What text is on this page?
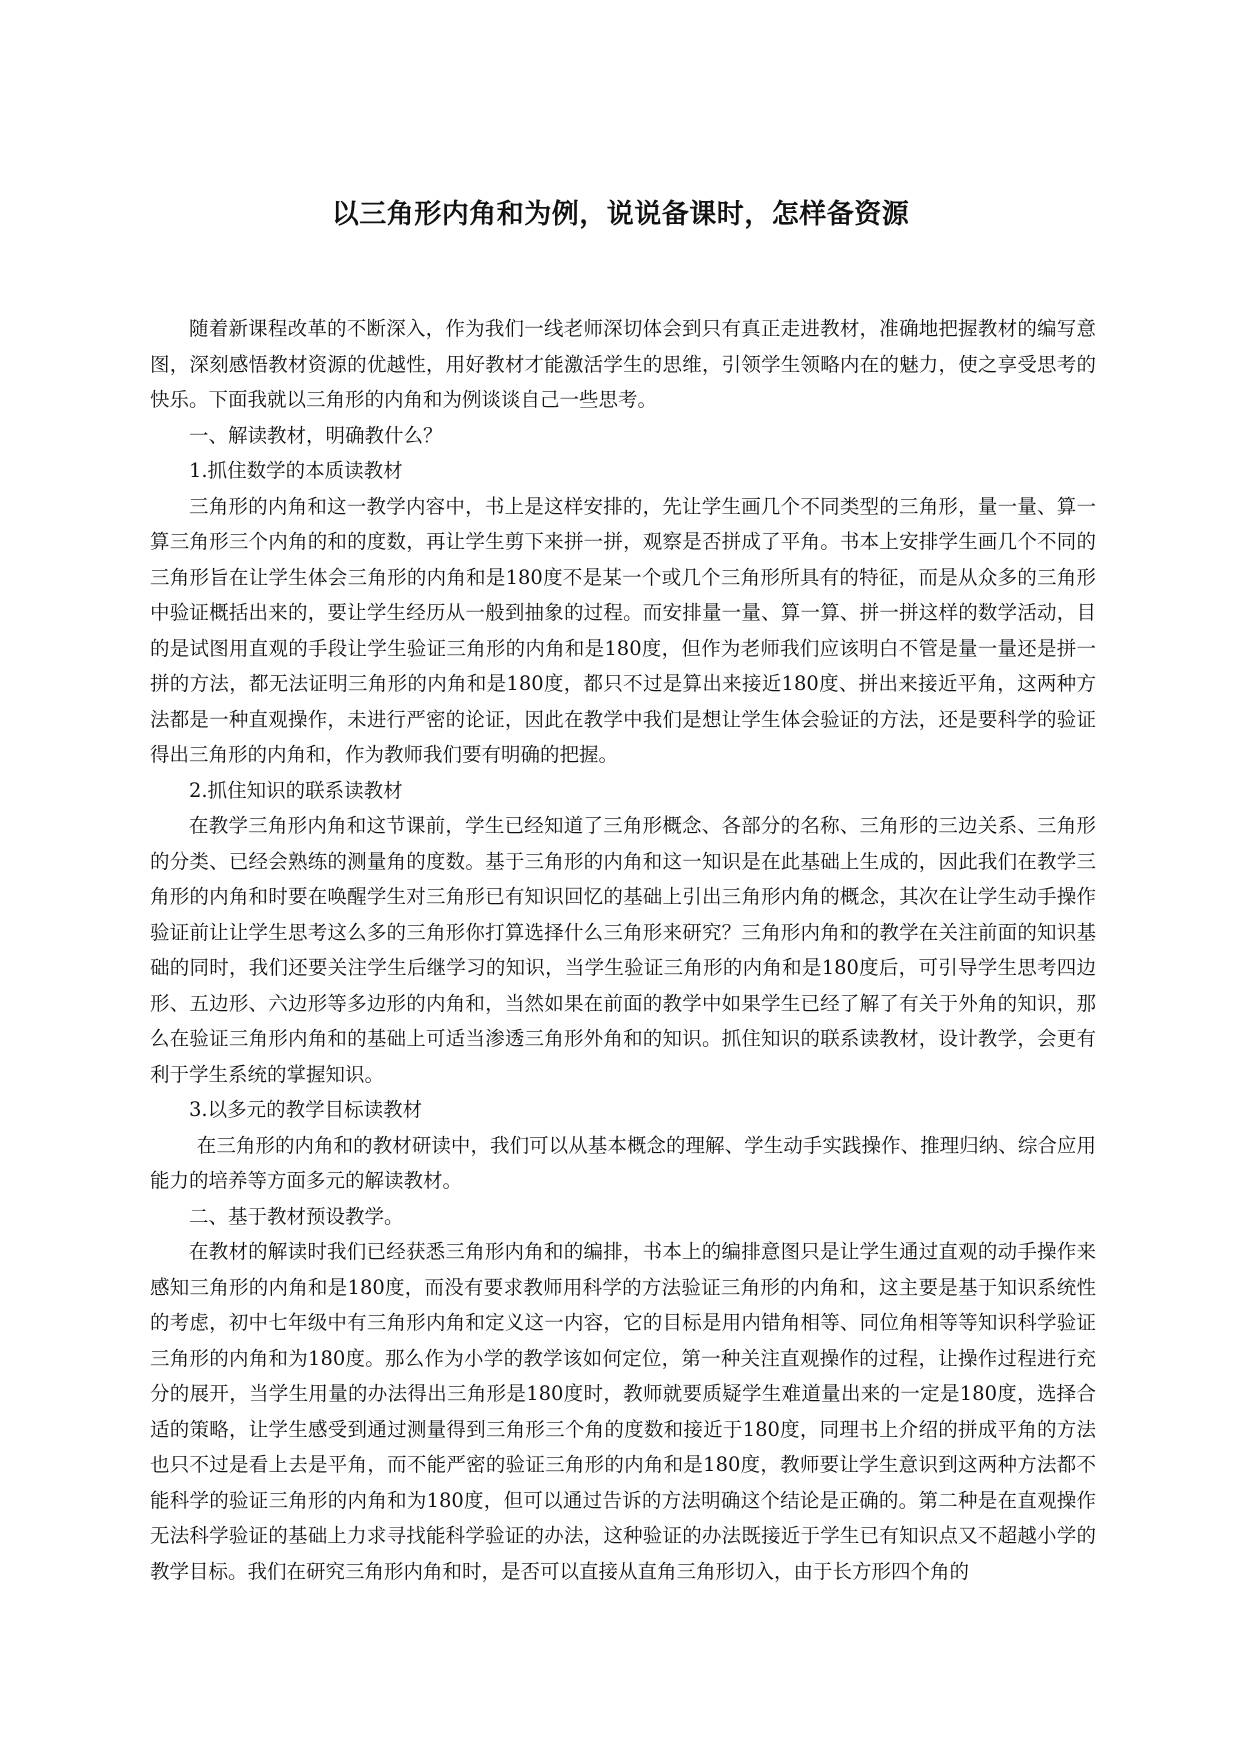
以三角形内角和为例，说说备课时，怎样备资源

随着新课程改革的不断深入，作为我们一线老师深切体会到只有真正走进教材，准确地把握教材的编写意图，深刻感悟教材资源的优越性，用好教材才能激活学生的思维，引领学生领略内在的魅力，使之享受思考的快乐。下面我就以三角形的内角和为例谈谈自己一些思考。

一、解读教材，明确教什么？

1.抓住数学的本质读教材

三角形的内角和这一教学内容中，书上是这样安排的，先让学生画几个不同类型的三角形，量一量、算一算三角形三个内角的和的度数，再让学生剪下来拼一拼，观察是否拼成了平角。书本上安排学生画几个不同的三角形旨在让学生体会三角形的内角和是180度不是某一个或几个三角形所具有的特征，而是从众多的三角形中验证概括出来的，要让学生经历从一般到抽象的过程。而安排量一量、算一算、拼一拼这样的数学活动，目的是试图用直观的手段让学生验证三角形的内角和是180度，但作为老师我们应该明白不管是量一量还是拼一拼的方法，都无法证明三角形的内角和是180度，都只不过是算出来接近180度、拼出来接近平角，这两种方法都是一种直观操作，未进行严密的论证，因此在教学中我们是想让学生体会验证的方法，还是要科学的验证得出三角形的内角和，作为教师我们要有明确的把握。

2.抓住知识的联系读教材

在教学三角形内角和这节课前，学生已经知道了三角形概念、各部分的名称、三角形的三边关系、三角形的分类、已经会熟练的测量角的度数。基于三角形的内角和这一知识是在此基础上生成的，因此我们在教学三角形的内角和时要在唤醒学生对三角形已有知识回忆的基础上引出三角形内角的概念，其次在让学生动手操作验证前让让学生思考这么多的三角形你打算选择什么三角形来研究？三角形内角和的教学在关注前面的知识基础的同时，我们还要关注学生后继学习的知识，当学生验证三角形的内角和是180度后，可引导学生思考四边形、五边形、六边形等多边形的内角和，当然如果在前面的教学中如果学生已经了解了有关于外角的知识，那么在验证三角形内角和的基础上可适当渗透三角形外角和的知识。抓住知识的联系读教材，设计教学，会更有利于学生系统的掌握知识。

3.以多元的教学目标读教材

在三角形的内角和的教材研读中，我们可以从基本概念的理解、学生动手实践操作、推理归纳、综合应用能力的培养等方面多元的解读教材。

二、基于教材预设教学。

在教材的解读时我们已经获悉三角形内角和的编排，书本上的编排意图只是让学生通过直观的动手操作来感知三角形的内角和是180度，而没有要求教师用科学的方法验证三角形的内角和，这主要是基于知识系统性的考虑，初中七年级中有三角形内角和定义这一内容，它的目标是用内错角相等、同位角相等等知识科学验证三角形的内角和为180度。那么作为小学的教学该如何定位，第一种关注直观操作的过程，让操作过程进行充分的展开，当学生用量的办法得出三角形是180度时，教师就要质疑学生难道量出来的一定是180度，选择合适的策略，让学生感受到通过测量得到三角形三个角的度数和接近于180度，同理书上介绍的拼成平角的方法也只不过是看上去是平角，而不能严密的验证三角形的内角和是180度，教师要让学生意识到这两种方法都不能科学的验证三角形的内角和为180度，但可以通过告诉的方法明确这个结论是正确的。第二种是在直观操作无法科学验证的基础上力求寻找能科学验证的办法，这种验证的办法既接近于学生已有知识点又不超越小学的教学目标。我们在研究三角形内角和时，是否可以直接从直角三角形切入，由于长方形四个角的
